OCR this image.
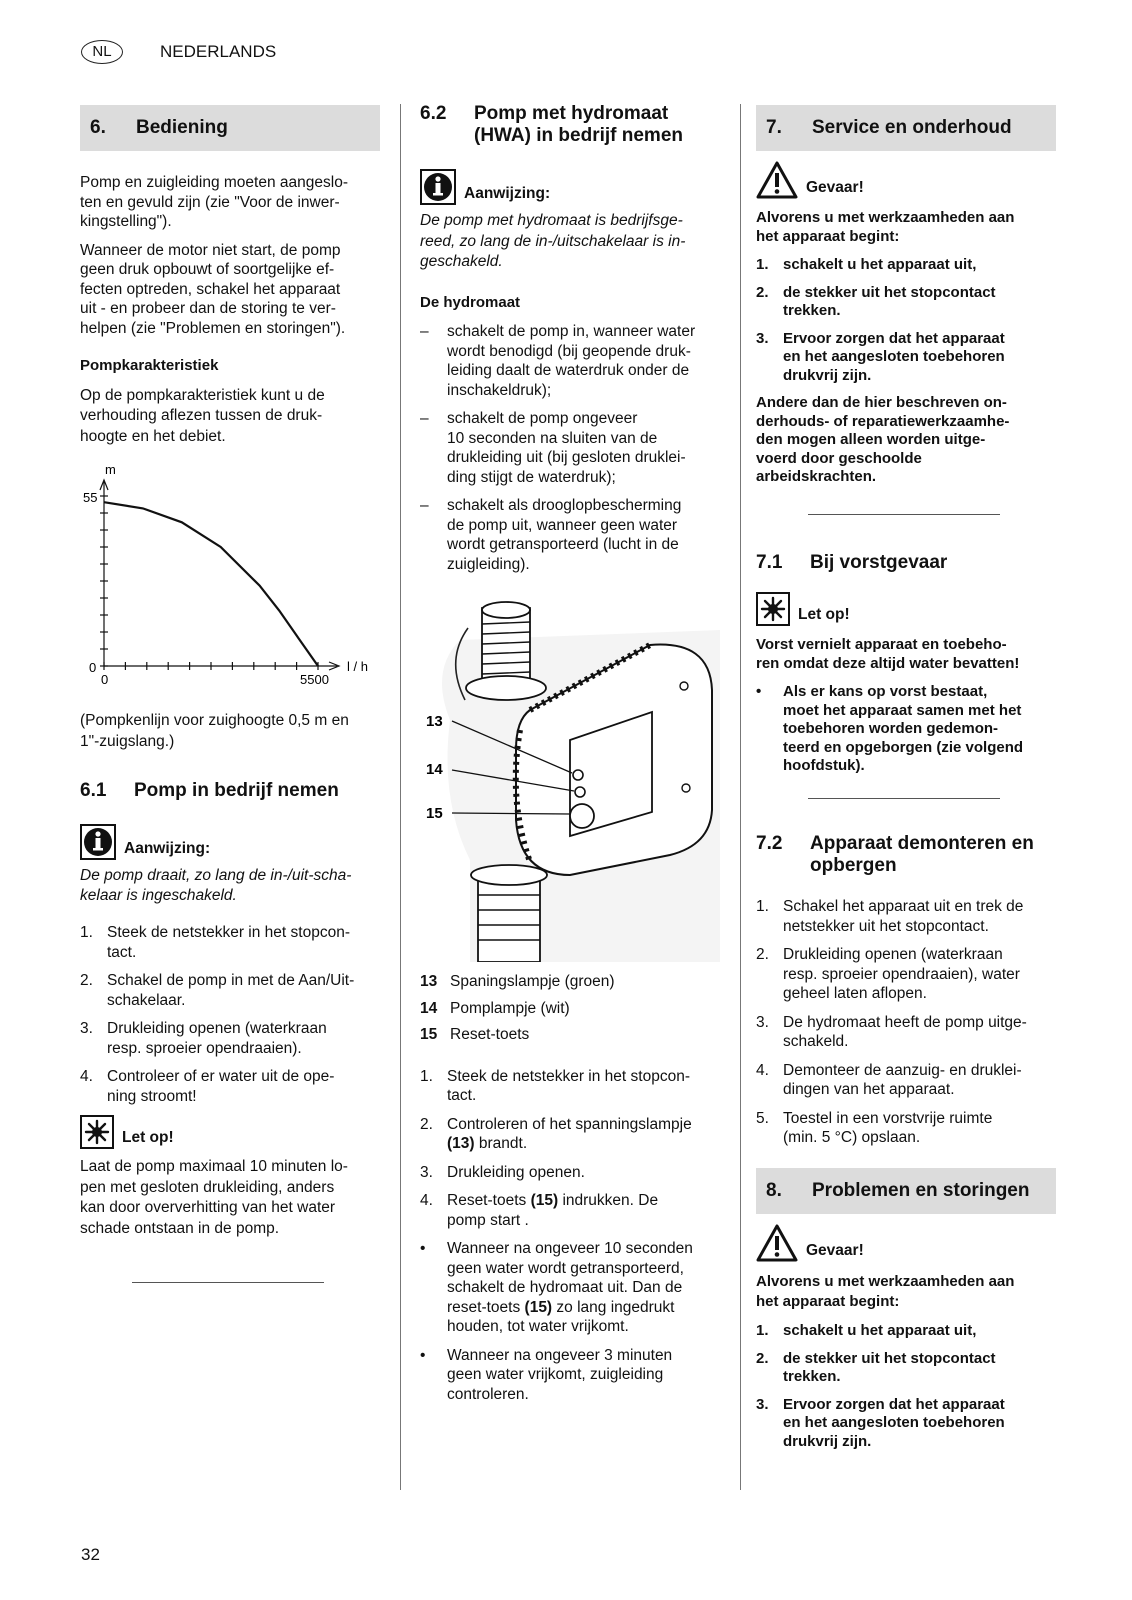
NL	NEDERLANDS
6. Bediening

Pomp en zuigleiding moeten aangeslo-
ten en gevuld zijn (zie "Voor de inwer-
kingstelling").

Wanneer de motor niet start, de pomp
geen druk opbouwt of soortgelijke ef-
fecten optreden, schakel het apparaat
uit - en probeer dan de storing te ver-
helpen (zie "Problemen en storingen").

Pompkarakteristiek

Op de pompkarakteristiek kunt u de
verhouding aflezen tussen de druk-
hoogte en het debiet.

m
l / h
55
0
0	5500

(Pompkenlijn voor zuighoogte 0,5 m en
1"-zuigslang.)

6.1	Pomp in bedrijf nemen
Aanwijzing:

De pomp draait, zo lang de in-/uit-scha-
kelaar is ingeschakeld.

1. Steek de netstekker in het stopcon-
tact.
2. Schakel de pomp in met de Aan/Uit-
schakelaar.
3. Drukleiding openen (waterkraan
resp. sproeier opendraaien).
4. Controleer of er water uit de ope-
ning stroomt!
Let op!

Laat de pomp maximaal 10 minuten lo-
pen met gesloten drukleiding, anders
kan door oververhitting van het water
schade ontstaan in de pomp.

6.2	Pomp met hydromaat
(HWA) in bedrijf nemen
Aanwijzing:

De pomp met hydromaat is bedrijfsge-
reed, zo lang de in-/uitschakelaar is in-
geschakeld.

De hydromaat

–	schakelt de pomp in, wanneer water
wordt benodigd (bij geopende druk-
leiding daalt de waterdruk onder de
inschakeldruk);
–	schakelt de pomp ongeveer
10 seconden na sluiten van de
drukleiding uit (bij gesloten druklei-
ding stijgt de waterdruk);
–	schakelt als drooglopbescherming
de pomp uit, wanneer geen water
wordt getransporteerd (lucht in de
zuigleiding).
13
14
15
13 Spaningslampje (groen)
14 Pomplampje (wit)
15 Reset-toets
1. Steek de netstekker in het stopcon-
tact.
2. Controleren of het spanningslampje
(13) brandt.
3. Drukleiding openen.
4. Reset-toets (15) indrukken. De
pomp start .
•	Wanneer na ongeveer 10 seconden
geen water wordt getransporteerd,
schakelt de hydromaat uit. Dan de
reset-toets (15) zo lang ingedrukt
houden, tot water vrijkomt.
•	Wanneer na ongeveer 3 minuten
geen water vrijkomt, zuigleiding
controleren.
7. Service en onderhoud
Gevaar!

Alvorens u met werkzaamheden aan
het apparaat begint:

1. schakelt u het apparaat uit,
2. de stekker uit het stopcontact
trekken.
3. Ervoor zorgen dat het apparaat
en het aangesloten toebehoren
drukvrij zijn.

Andere dan de hier beschreven on-
derhouds- of reparatiewerkzaamhe-
den mogen alleen worden uitge-
voerd door geschoolde
arbeidskrachten.

7.1	Bij vorstgevaar
Let op!

Vorst vernielt apparaat en toebeho-
ren omdat deze altijd water bevatten!

•	Als er kans op vorst bestaat,
moet het apparaat samen met het
toebehoren worden gedemon-
teerd en opgeborgen (zie volgend
hoofdstuk).
7.2	Apparaat demonteren en
opbergen
1. Schakel het apparaat uit en trek de
netstekker uit het stopcontact.
2. Drukleiding openen (waterkraan
resp. sproeier opendraaien), water
geheel laten aflopen.
3. De hydromaat heeft de pomp uitge-
schakeld.
4. Demonteer de aanzuig- en druklei-
dingen van het apparaat.
5. Toestel in een vorstvrije ruimte
(min. 5 °C) opslaan.
8. Problemen en storingen
Gevaar!

Alvorens u met werkzaamheden aan
het apparaat begint:

1. schakelt u het apparaat uit,
2. de stekker uit het stopcontact
trekken.
3. Ervoor zorgen dat het apparaat
en het aangesloten toebehoren
drukvrij zijn.
32
